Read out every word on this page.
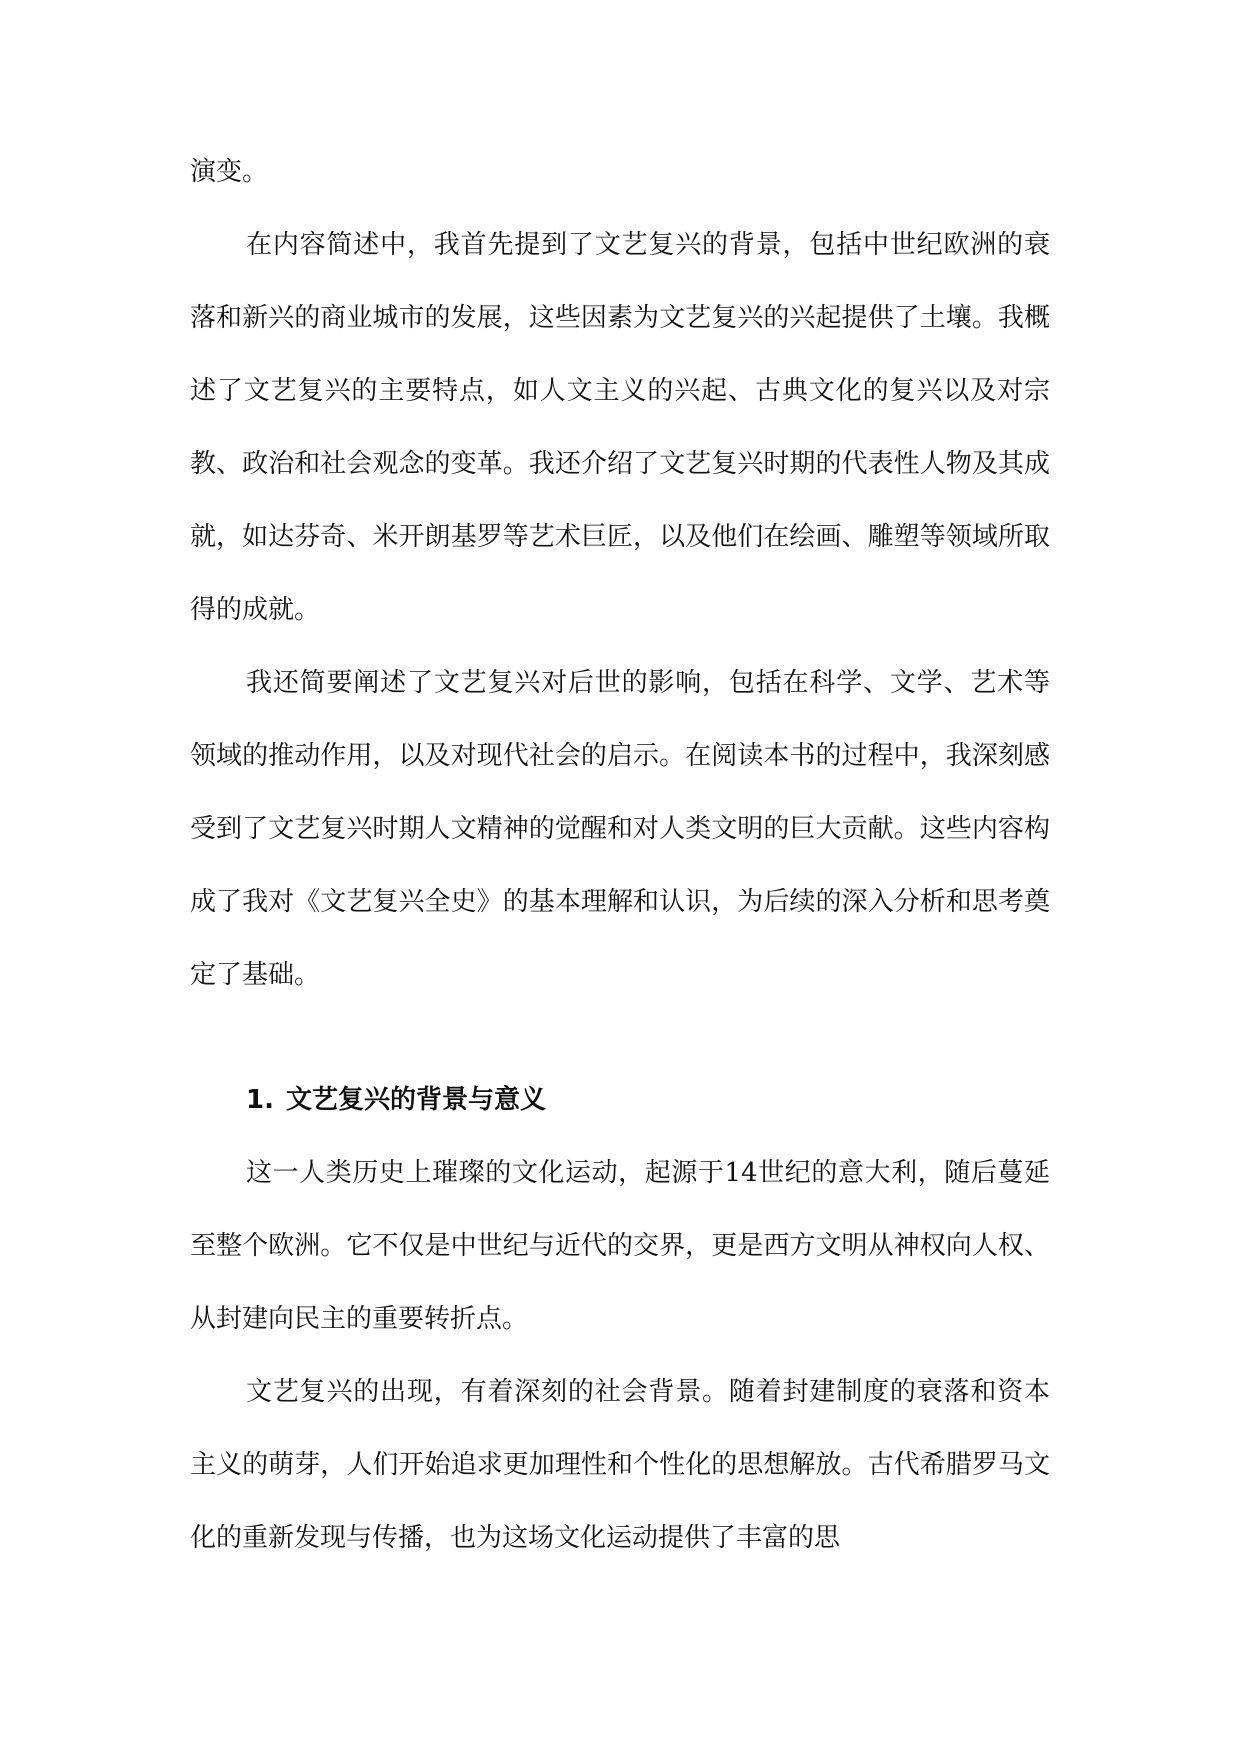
演变。

在内容简述中，我首先提到了文艺复兴的背景，包括中世纪欧洲的衰落和新兴的商业城市的发展，这些因素为文艺复兴的兴起提供了土壤。我概述了文艺复兴的主要特点，如人文主义的兴起、古典文化的复兴以及对宗教、政治和社会观念的变革。我还介绍了文艺复兴时期的代表性人物及其成就，如达芬奇、米开朗基罗等艺术巨匠，以及他们在绘画、雕塑等领域所取得的成就。

我还简要阐述了文艺复兴对后世的影响，包括在科学、文学、艺术等领域的推动作用，以及对现代社会的启示。在阅读本书的过程中，我深刻感受到了文艺复兴时期人文精神的觉醒和对人类文明的巨大贡献。这些内容构成了我对《文艺复兴全史》的基本理解和认识，为后续的深入分析和思考奠定了基础。

1. 文艺复兴的背景与意义

这一人类历史上璀璨的文化运动，起源于14世纪的意大利，随后蔓延至整个欧洲。它不仅是中世纪与近代的交界，更是西方文明从神权向人权、从封建向民主的重要转折点。

文艺复兴的出现，有着深刻的社会背景。随着封建制度的衰落和资本主义的萌芽，人们开始追求更加理性和个性化的思想解放。古代希腊罗马文化的重新发现与传播，也为这场文化运动提供了丰富的思
